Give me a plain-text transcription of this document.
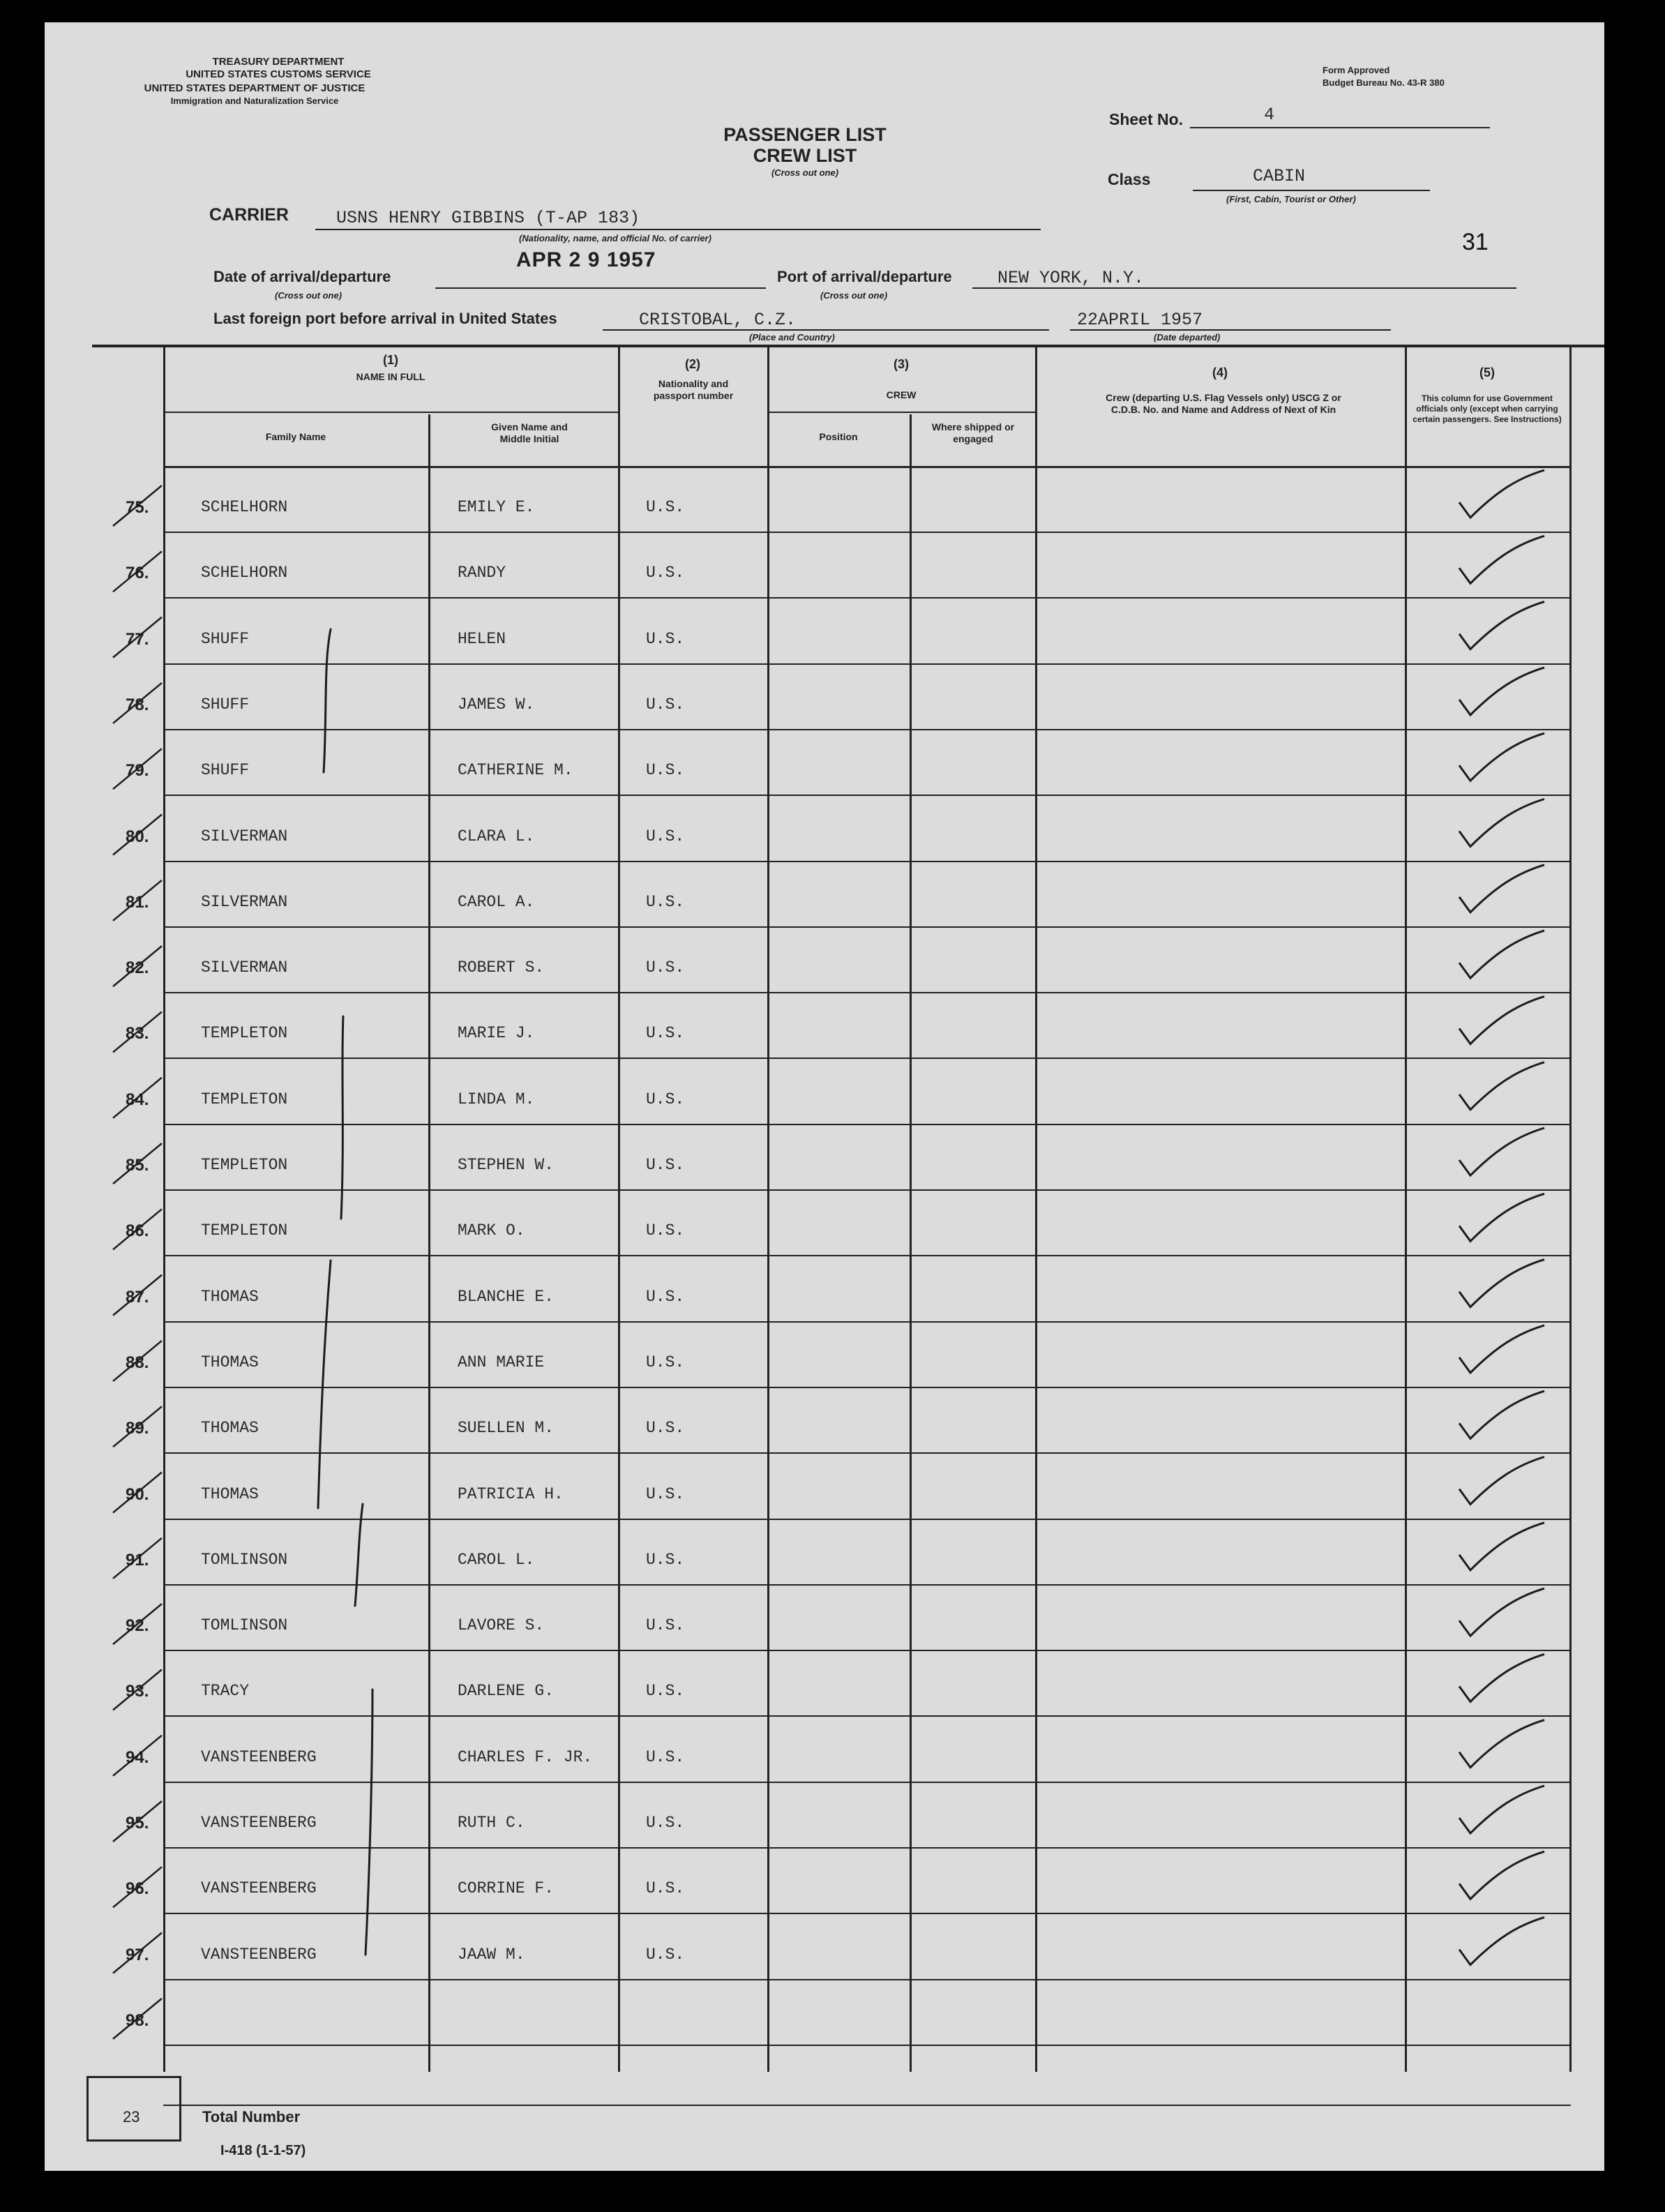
TREASURY DEPARTMENT
UNITED STATES CUSTOMS SERVICE
UNITED STATES DEPARTMENT OF JUSTICE
Immigration and Naturalization Service
Form Approved
Budget Bureau No. 43-R 380
PASSENGER LIST
CREW LIST
(Cross out one)
Sheet No.	4
Class	CABIN
(First, Cabin, Tourist or Other)
31
CARRIER	USNS HENRY GIBBINS (T-AP 183)
(Nationality, name, and official No. of carrier)
APR 2 9 1957
Date of arrival/departure
(Cross out one)
Port of arrival/departure	NEW YORK, N.Y.
(Cross out one)
Last foreign port before arrival in United States	CRISTOBAL, C.Z.
(Place and Country)
22APRIL 1957
(Date departed)
(1)
NAME IN FULL
Family Name
Given Name and Middle Initial
(2)
Nationality and passport number
(3)
CREW
Position
Where shipped or engaged
(4)
Crew (departing U.S. Flag Vessels only) USCG Z or C.D.B. No. and Name and Address of Next of Kin
(5)
This column for use Government officials only (except when carrying certain passengers. See Instructions)
75.	SCHELHORN	EMILY E.	U.S.
76.	SCHELHORN	RANDY	U.S.
77.	SHUFF	HELEN	U.S.
78.	SHUFF	JAMES W.	U.S.
79.	SHUFF	CATHERINE M.	U.S.
80.	SILVERMAN	CLARA L.	U.S.
81.	SILVERMAN	CAROL A.	U.S.
82.	SILVERMAN	ROBERT S.	U.S.
83.	TEMPLETON	MARIE J.	U.S.
84.	TEMPLETON	LINDA M.	U.S.
85.	TEMPLETON	STEPHEN W.	U.S.
86.	TEMPLETON	MARK O.	U.S.
87.	THOMAS	BLANCHE E.	U.S.
88.	THOMAS	ANN MARIE	U.S.
89.	THOMAS	SUELLEN M.	U.S.
90.	THOMAS	PATRICIA H.	U.S.
91.	TOMLINSON	CAROL L.	U.S.
92.	TOMLINSON	LAVORE S.	U.S.
93.	TRACY	DARLENE G.	U.S.
94.	VANSTEENBERG	CHARLES F. JR.	U.S.
95.	VANSTEENBERG	RUTH C.	U.S.
96.	VANSTEENBERG	CORRINE F.	U.S.
97.	VANSTEENBERG	JAAW M.	U.S.
98.
23	Total Number
I-418 (1-1-57)
